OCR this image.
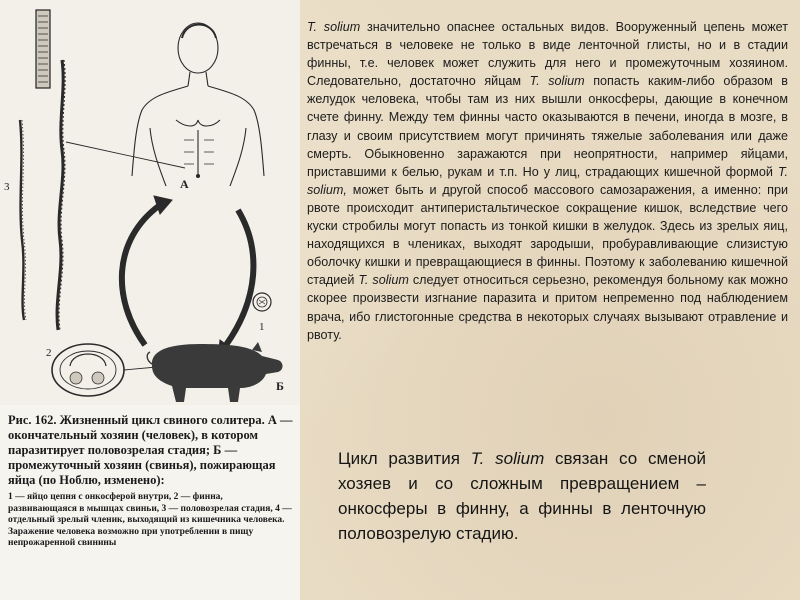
3	А
1
2
Б

Рис. 162. Жизненный цикл свиного солитера. А — окончательный хозяин (человек), в котором паразитирует половозрелая стадия; Б — промежуточный хозяин (свинья), пожирающая яйца (по Ноблю, изменено):

1 — яйцо цепня с онкосферой внутри, 2 — финна, развивающаяся в мышцах свиньи, 3 — половозрелая стадия, 4 — отдельный зрелый членик, выходящий из кишечника человека. Заражение человека возможно при употреблении в пищу непрожаренной свинины

T. solium значительно опаснее остальных видов. Вооруженный цепень может встречаться в человеке не только в виде ленточной глисты, но и в стадии финны, т.е. человек может служить для него и промежуточным хозяином. Следовательно, достаточно яйцам T. solium попасть каким-либо образом в желудок человека, чтобы там из них вышли онкосферы, дающие в конечном счете финну. Между тем финны часто оказываются в печени, иногда в мозге, в глазу и своим присутствием могут причинять тяжелые заболевания или даже смерть. Обыкновенно заражаются при неопрятности, например яйцами, приставшими к белью, рукам и т.п. Но у лиц, страдающих кишечной формой T. solium, может быть и другой способ массового самозаражения, а именно: при рвоте происходит антиперистальтическое сокращение кишок, вследствие чего куски стробилы могут попасть из тонкой кишки в желудок. Здесь из зрелых яиц, находящихся в члениках, выходят зародыши, пробуравливающие слизистую оболочку кишки и превращающиеся в финны. Поэтому к заболеванию кишечной стадией T. solium следует относиться серьезно, рекомендуя больному как можно скорее произвести изгнание паразита и притом непременно под наблюдением врача, ибо глистогонные средства в некоторых случаях вызывают отравление и рвоту.

Цикл развития T. solium связан со сменой хозяев и со сложным превращением – онкосферы в финну, а финны в ленточную половозрелую стадию.
